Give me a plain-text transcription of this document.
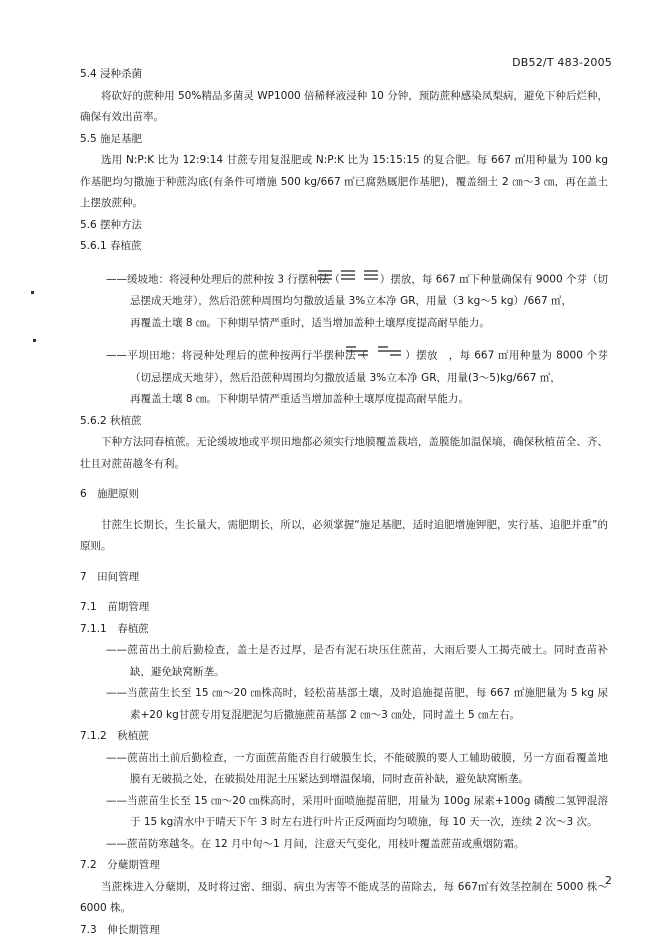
DB52/T 483-2005

5.4 浸种杀菌

将砍好的蔗种用 50%精品多菌灵 WP1000 倍稀释液浸种 10 分钟，预防蔗种感染凤梨病，避免下种后烂种，确保有效出苗率。

5.5 施足基肥

选用 N:P:K 比为 12:9:14 甘蔗专用复混肥或 N:P:K 比为 15:15:15 的复合肥。每 667 ㎡用种量为 100 kg 作基肥均匀撒施于种蔗沟底(有条件可增施 500 kg/667 ㎡已腐熟厩肥作基肥)，覆盖细土 2 ㎝～3 ㎝，再在盖土上摆放蔗种。

5.6 摆种方法

5.6.1 春植蔗

——缓坡地：将浸种处理后的蔗种按 3 行摆种法（	）摆放，每 667 ㎡下种量确保有 9000 个芽（切忌摆成天地芽），然后沿蔗种周围均匀撒放适量 3%立本净 GR，用量（3 kg～5 kg）/667 ㎡，
再覆盖土壤 8 ㎝。下种期旱情严重时，适当增加盖种土壤厚度提高耐旱能力。

——平坝田地：将浸种处理后的蔗种按两行半摆种法（	）摆放　，每 667 ㎡用种量为 8000 个芽（切忌摆成天地芽），然后沿蔗种周围均匀撒放适量 3%立本净 GR，用量(3～5)kg/667 ㎡，
再覆盖土壤 8 ㎝。下种期旱情严重适当增加盖种土壤厚度提高耐旱能力。

5.6.2 秋植蔗

下种方法同春植蔗。无论缓坡地或平坝田地都必须实行地膜覆盖栽培，盖膜能加温保墒，确保秋植苗全、齐、壮且对蔗苗越冬有利。

6　施肥原则

甘蔗生长期长，生长量大，需肥期长，所以，必须掌握“施足基肥，适时追肥增施钾肥，实行基、追肥并重”的原则。

7　田间管理

7.1　苗期管理

7.1.1　春植蔗

——蔗苗出土前后勤检查，盖土是否过厚，是否有泥石块压住蔗苗，大雨后要人工揭壳破土。同时查苗补缺，避免缺窝断垄。

——当蔗苗生长至 15 ㎝～20 ㎝株高时，轻松苗基部土壤，及时追施提苗肥，每 667 ㎡施肥量为 5 kg 尿素+20 kg甘蔗专用复混肥泥匀后撒施蔗苗基部 2 ㎝～3 ㎝处，同时盖土 5 ㎝左右。

7.1.2　秋植蔗

——蔗苗出土前后勤检查，一方面蔗苗能否自行破膜生长，不能破膜的要人工辅助破膜，另一方面看覆盖地膜有无破损之处，在破损处用泥土压紧达到增温保墒，同时查苗补缺，避免缺窝断垄。

——当蔗苗生长至 15 ㎝～20 ㎝株高时，采用叶面喷施提苗肥，用量为 100g 尿素+100g 磷酸二氢钾混溶于 15 kg清水中于晴天下午 3 时左右进行叶片正反两面均匀喷施，每 10 天一次，连续 2 次～3 次。

——蔗苗防寒越冬。在 12 月中旬～1 月间，注意天气变化，用枝叶覆盖蔗苗或熏烟防霜。

7.2　分蘖期管理

当蔗株进入分蘖期，及时将过密、细弱、病虫为害等不能成茎的苗除去，每 667㎡有效茎控制在 5000 株～6000 株。

7.3　伸长期管理

2
